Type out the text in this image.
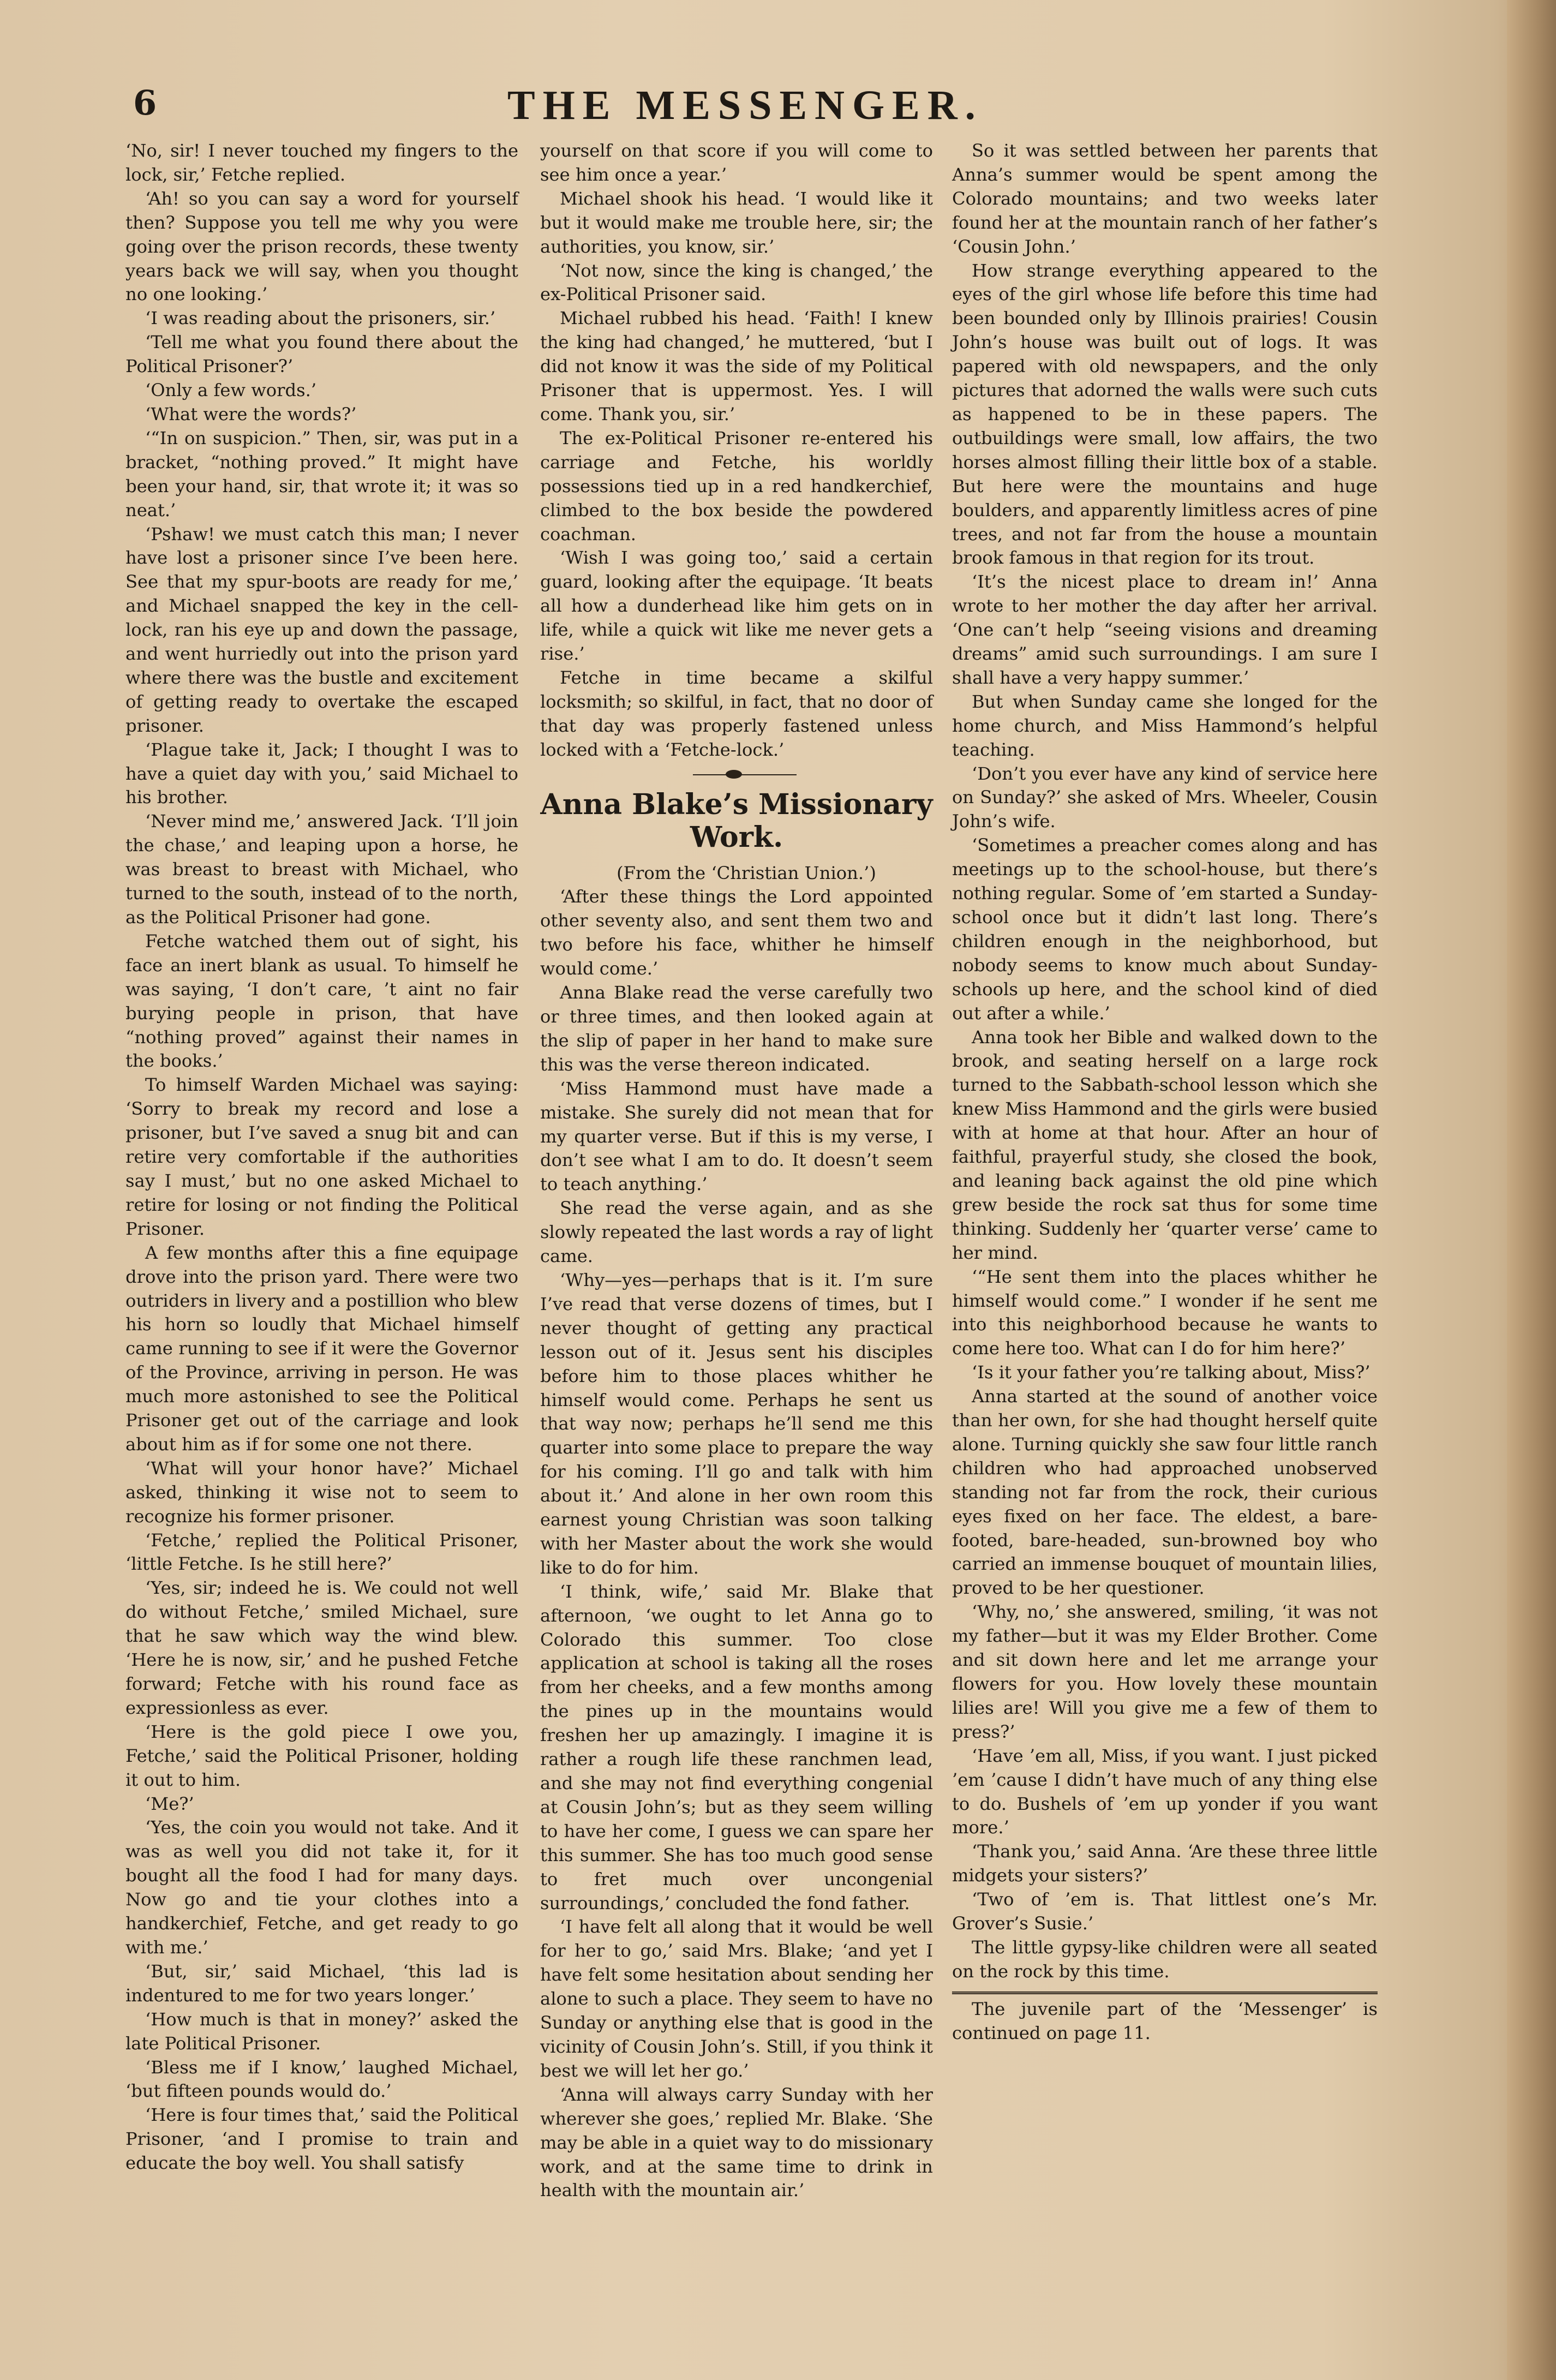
6	THE MESSENGER.

‘No, sir! I never touched my fingers to the lock, sir,’ Fetche replied.

‘Ah! so you can say a word for yourself then? Suppose you tell me why you were going over the prison records, these twenty years back we will say, when you thought no one looking.’

‘I was reading about the prisoners, sir.’

‘Tell me what you found there about the Political Prisoner?’

‘Only a few words.’

‘What were the words?’

‘“In on suspicion.” Then, sir, was put in a bracket, “nothing proved.” It might have been your hand, sir, that wrote it; it was so neat.’

‘Pshaw! we must catch this man; I never have lost a prisoner since I’ve been here. See that my spur-boots are ready for me,’ and Michael snapped the key in the cell-lock, ran his eye up and down the passage, and went hurriedly out into the prison yard where there was the bustle and excitement of getting ready to overtake the escaped prisoner.

‘Plague take it, Jack; I thought I was to have a quiet day with you,’ said Michael to his brother.

‘Never mind me,’ answered Jack. ‘I’ll join the chase,’ and leaping upon a horse, he was breast to breast with Michael, who turned to the south, instead of to the north, as the Political Prisoner had gone.

Fetche watched them out of sight, his face an inert blank as usual. To himself he was saying, ‘I don’t care, ’t aint no fair burying people in prison, that have “nothing proved” against their names in the books.’

To himself Warden Michael was saying: ‘Sorry to break my record and lose a prisoner, but I’ve saved a snug bit and can retire very comfortable if the authorities say I must,’ but no one asked Michael to retire for losing or not finding the Political Prisoner.

A few months after this a fine equipage drove into the prison yard. There were two outriders in livery and a postillion who blew his horn so loudly that Michael himself came running to see if it were the Governor of the Province, arriving in person. He was much more astonished to see the Political Prisoner get out of the carriage and look about him as if for some one not there.

‘What will your honor have?’ Michael asked, thinking it wise not to seem to recognize his former prisoner.

‘Fetche,’ replied the Political Prisoner, ‘little Fetche. Is he still here?’

‘Yes, sir; indeed he is. We could not well do without Fetche,’ smiled Michael, sure that he saw which way the wind blew. ‘Here he is now, sir,’ and he pushed Fetche forward; Fetche with his round face as expressionless as ever.

‘Here is the gold piece I owe you, Fetche,’ said the Political Prisoner, holding it out to him.

‘Me?’

‘Yes, the coin you would not take. And it was as well you did not take it, for it bought all the food I had for many days. Now go and tie your clothes into a handkerchief, Fetche, and get ready to go with me.’

‘But, sir,’ said Michael, ‘this lad is indentured to me for two years longer.’

‘How much is that in money?’ asked the late Political Prisoner.

‘Bless me if I know,’ laughed Michael, ‘but fifteen pounds would do.’

‘Here is four times that,’ said the Political Prisoner, ‘and I promise to train and educate the boy well. You shall satisfy

yourself on that score if you will come to see him once a year.’

Michael shook his head. ‘I would like it but it would make me trouble here, sir; the authorities, you know, sir.’

‘Not now, since the king is changed,’ the ex-Political Prisoner said.

Michael rubbed his head. ‘Faith! I knew the king had changed,’ he muttered, ‘but I did not know it was the side of my Political Prisoner that is uppermost. Yes. I will come. Thank you, sir.’

The ex-Political Prisoner re-entered his carriage and Fetche, his worldly possessions tied up in a red handkerchief, climbed to the box beside the powdered coachman.

‘Wish I was going too,’ said a certain guard, looking after the equipage. ‘It beats all how a dunderhead like him gets on in life, while a quick wit like me never gets a rise.’

Fetche in time became a skilful locksmith; so skilful, in fact, that no door of that day was properly fastened unless locked with a ‘Fetche-lock.’

Anna Blake’s Missionary Work.

(From the ‘Christian Union.’)

‘After these things the Lord appointed other seventy also, and sent them two and two before his face, whither he himself would come.’

Anna Blake read the verse carefully two or three times, and then looked again at the slip of paper in her hand to make sure this was the verse thereon indicated.

‘Miss Hammond must have made a mistake. She surely did not mean that for my quarter verse. But if this is my verse, I don’t see what I am to do. It doesn’t seem to teach anything.’

She read the verse again, and as she slowly repeated the last words a ray of light came.

‘Why—yes—perhaps that is it. I’m sure I’ve read that verse dozens of times, but I never thought of getting any practical lesson out of it. Jesus sent his disciples before him to those places whither he himself would come. Perhaps he sent us that way now; perhaps he’ll send me this quarter into some place to prepare the way for his coming. I’ll go and talk with him about it.’ And alone in her own room this earnest young Christian was soon talking with her Master about the work she would like to do for him.

‘I think, wife,’ said Mr. Blake that afternoon, ‘we ought to let Anna go to Colorado this summer. Too close application at school is taking all the roses from her cheeks, and a few months among the pines up in the mountains would freshen her up amazingly. I imagine it is rather a rough life these ranchmen lead, and she may not find everything congenial at Cousin John’s; but as they seem willing to have her come, I guess we can spare her this summer. She has too much good sense to fret much over uncongenial surroundings,’ concluded the fond father.

‘I have felt all along that it would be well for her to go,’ said Mrs. Blake; ‘and yet I have felt some hesitation about sending her alone to such a place. They seem to have no Sunday or anything else that is good in the vicinity of Cousin John’s. Still, if you think it best we will let her go.’

‘Anna will always carry Sunday with her wherever she goes,’ replied Mr. Blake. ‘She may be able in a quiet way to do missionary work, and at the same time to drink in health with the mountain air.’

So it was settled between her parents that Anna’s summer would be spent among the Colorado mountains; and two weeks later found her at the mountain ranch of her father’s ‘Cousin John.’

How strange everything appeared to the eyes of the girl whose life before this time had been bounded only by Illinois prairies! Cousin John’s house was built out of logs. It was papered with old newspapers, and the only pictures that adorned the walls were such cuts as happened to be in these papers. The outbuildings were small, low affairs, the two horses almost filling their little box of a stable. But here were the mountains and huge boulders, and apparently limitless acres of pine trees, and not far from the house a mountain brook famous in that region for its trout.

‘It’s the nicest place to dream in!’ Anna wrote to her mother the day after her arrival. ‘One can’t help “seeing visions and dreaming dreams” amid such surroundings. I am sure I shall have a very happy summer.’

But when Sunday came she longed for the home church, and Miss Hammond’s helpful teaching.

‘Don’t you ever have any kind of service here on Sunday?’ she asked of Mrs. Wheeler, Cousin John’s wife.

‘Sometimes a preacher comes along and has meetings up to the school-house, but there’s nothing regular. Some of ’em started a Sunday-school once but it didn’t last long. There’s children enough in the neighborhood, but nobody seems to know much about Sunday-schools up here, and the school kind of died out after a while.’

Anna took her Bible and walked down to the brook, and seating herself on a large rock turned to the Sabbath-school lesson which she knew Miss Hammond and the girls were busied with at home at that hour. After an hour of faithful, prayerful study, she closed the book, and leaning back against the old pine which grew beside the rock sat thus for some time thinking. Suddenly her ‘quarter verse’ came to her mind.

‘“He sent them into the places whither he himself would come.” I wonder if he sent me into this neighborhood because he wants to come here too. What can I do for him here?’

‘Is it your father you’re talking about, Miss?’

Anna started at the sound of another voice than her own, for she had thought herself quite alone. Turning quickly she saw four little ranch children who had approached unobserved standing not far from the rock, their curious eyes fixed on her face. The eldest, a bare-footed, bare-headed, sun-browned boy who carried an immense bouquet of mountain lilies, proved to be her questioner.

‘Why, no,’ she answered, smiling, ‘it was not my father—but it was my Elder Brother. Come and sit down here and let me arrange your flowers for you. How lovely these mountain lilies are! Will you give me a few of them to press?’

‘Have ’em all, Miss, if you want. I just picked ’em ’cause I didn’t have much of any thing else to do. Bushels of ’em up yonder if you want more.’

‘Thank you,’ said Anna. ‘Are these three little midgets your sisters?’

‘Two of ’em is. That littlest one’s Mr. Grover’s Susie.’

The little gypsy-like children were all seated on the rock by this time.

The juvenile part of the ‘Messenger’ is continued on page 11.
